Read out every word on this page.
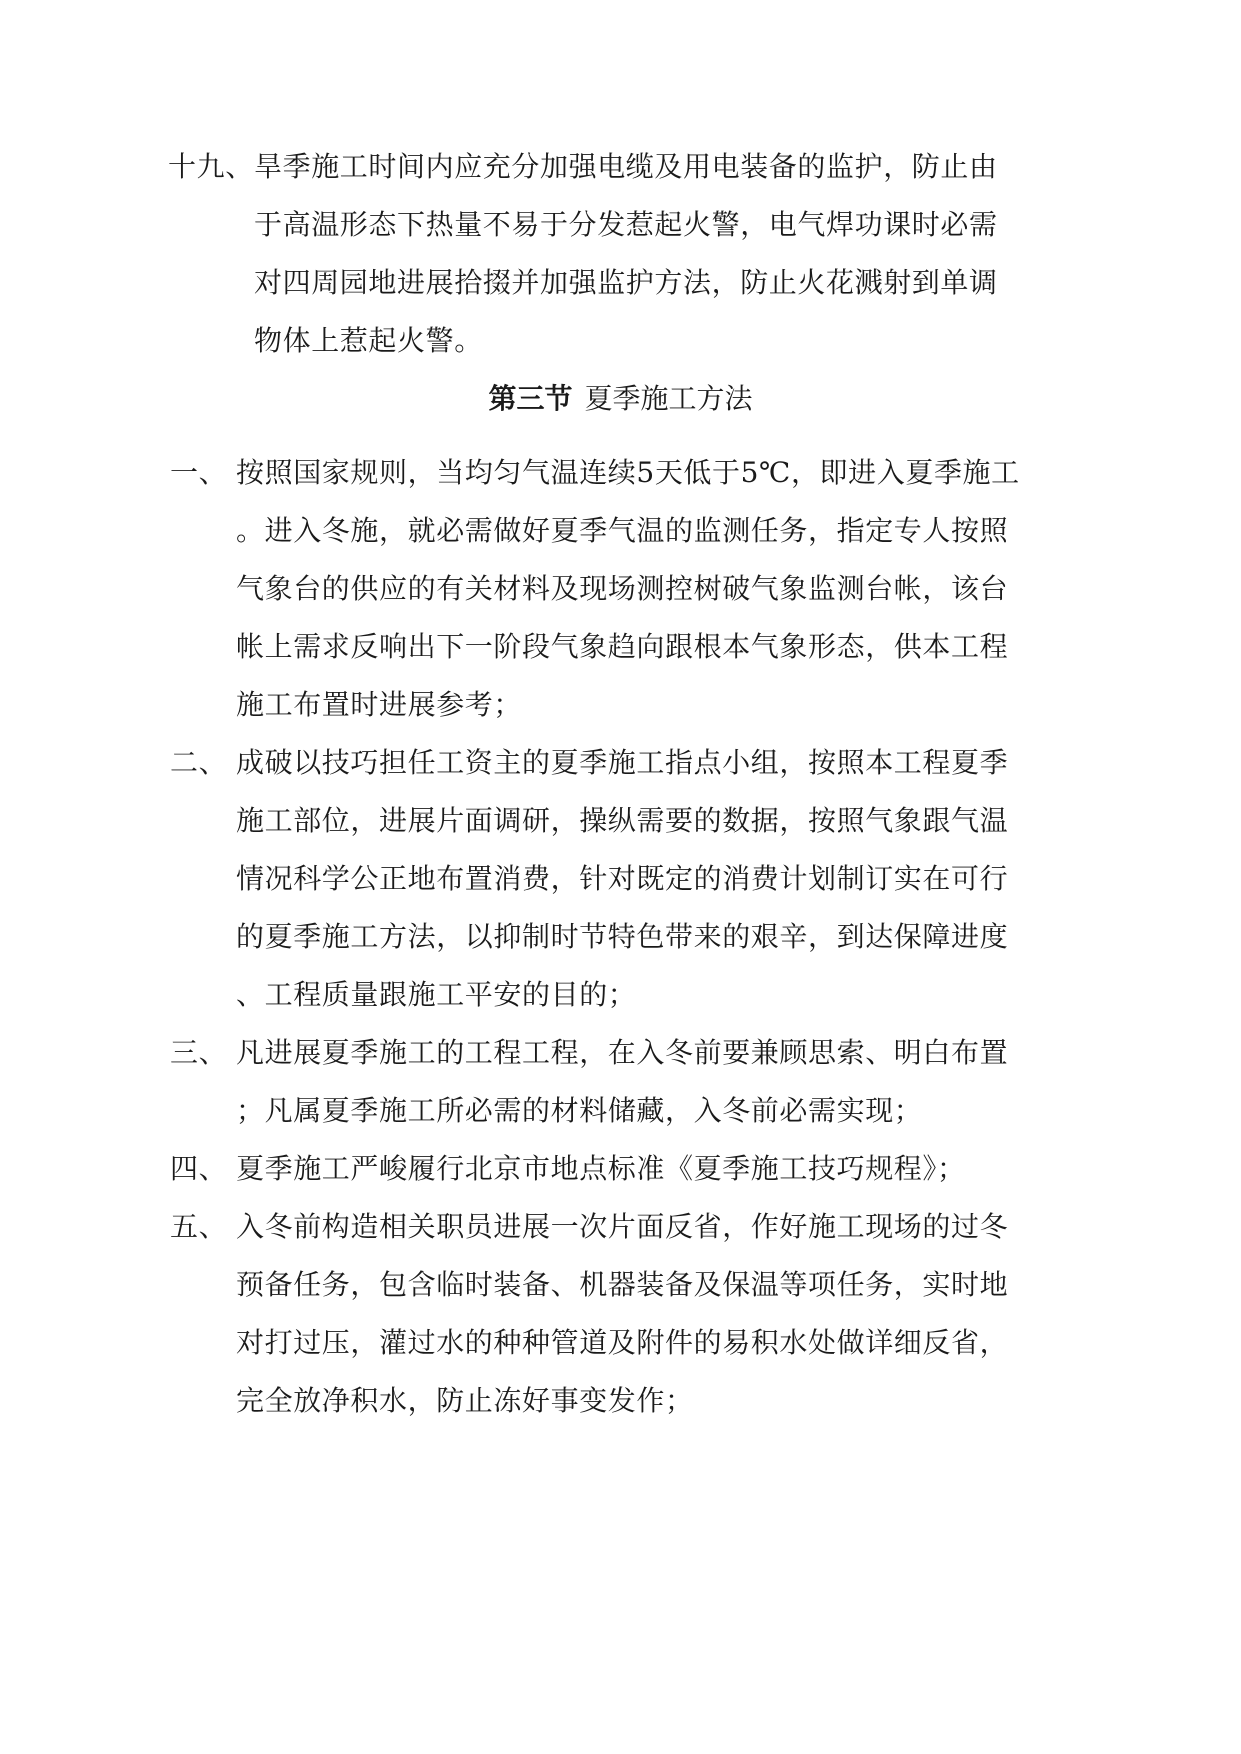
十九、 旱季施工时间内应充分加强电缆及用电装备的监护，防止由
于高温形态下热量不易于分发惹起火警，电气焊功课时必需
对四周园地进展拾掇并加强监护方法，防止火花溅射到单调
物体上惹起火警。
第三节 夏季施工方法
一、 按照国家规则，当均匀气温连续5天低于5℃，即进入夏季施工
。进入冬施，就必需做好夏季气温的监测任务，指定专人按照
气象台的供应的有关材料及现场测控树破气象监测台帐，该台
帐上需求反响出下一阶段气象趋向跟根本气象形态，供本工程
施工布置时进展参考；
二、 成破以技巧担任工资主的夏季施工指点小组，按照本工程夏季
施工部位，进展片面调研，操纵需要的数据，按照气象跟气温
情况科学公正地布置消费，针对既定的消费计划制订实在可行
的夏季施工方法，以抑制时节特色带来的艰辛，到达保障进度
、工程质量跟施工平安的目的；
三、 凡进展夏季施工的工程工程，在入冬前要兼顾思索、明白布置
；凡属夏季施工所必需的材料储藏，入冬前必需实现；
四、 夏季施工严峻履行北京市地点标准《夏季施工技巧规程》；
五、 入冬前构造相关职员进展一次片面反省，作好施工现场的过冬
预备任务，包含临时装备、机器装备及保温等项任务，实时地
对打过压，灌过水的种种管道及附件的易积水处做详细反省，
完全放净积水，防止冻好事变发作；
